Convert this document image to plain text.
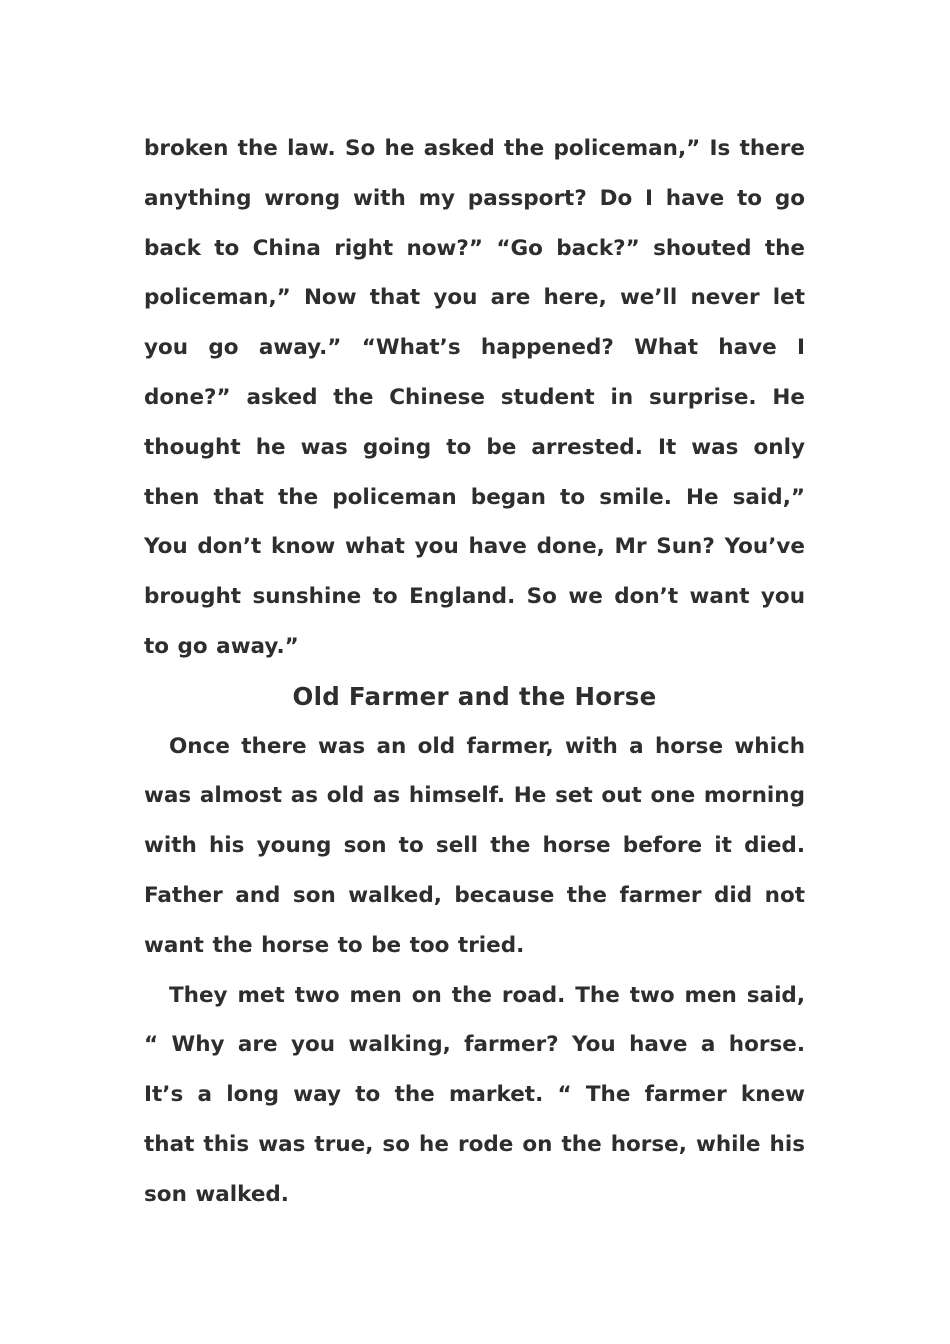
broken the law. So he asked the policeman,” Is there anything wrong with my passport? Do I have to go back to China right now?” “Go back?” shouted the policeman,” Now that you are here, we’ll never let you go away.” “What’s happened? What have I done?” asked the Chinese student in surprise. He thought he was going to be arrested. It was only then that the policeman began to smile. He said,” You don’t know what you have done, Mr Sun? You’ve brought sunshine to England. So we don’t want you to go away.”

Old Farmer and the Horse

Once there was an old farmer, with a horse which was almost as old as himself. He set out one morning with his young son to sell the horse before it died. Father and son walked, because the farmer did not want the horse to be too tried.

They met two men on the road. The two men said, “ Why are you walking, farmer? You have a horse. It’s a long way to the market. “ The farmer knew that this was true, so he rode on the horse, while his son walked.
